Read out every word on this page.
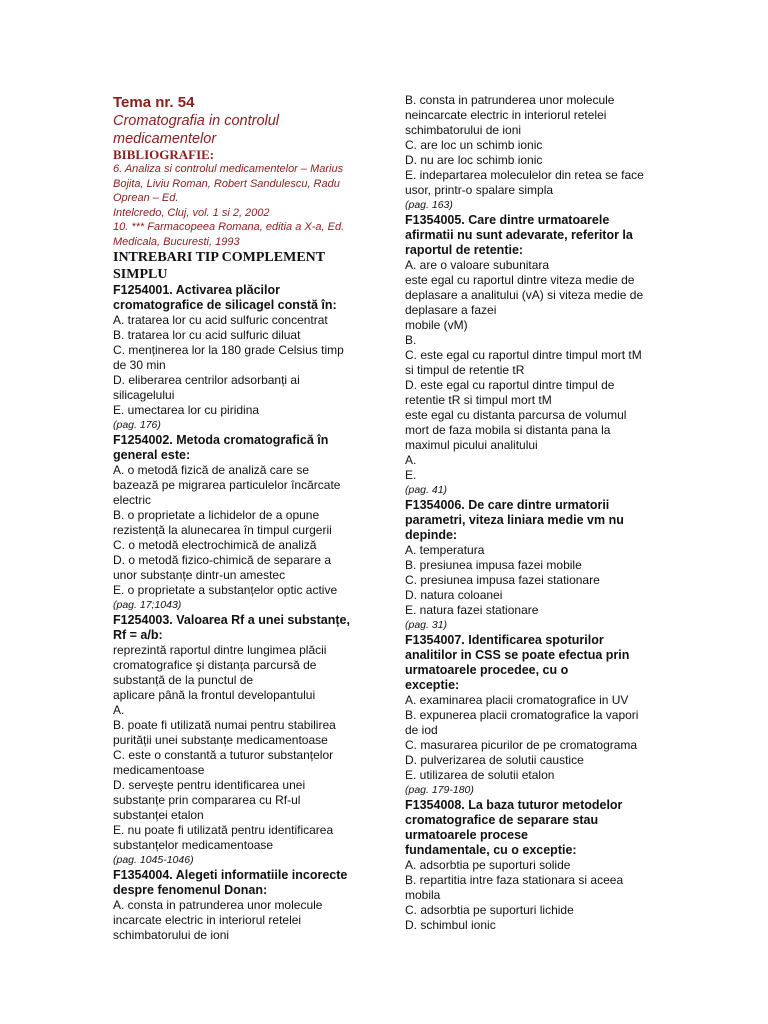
Tema nr. 54
Cromatografia in controlul
medicamentelor
BIBLIOGRAFIE:
6. Analiza si controlul medicamentelor – Marius
Bojita, Liviu Roman, Robert Sandulescu, Radu
Oprean – Ed.
Intelcredo, Cluj, vol. 1 si 2, 2002
10. *** Farmacopeea Romana, editia a X-a, Ed.
Medicala, Bucuresti, 1993
INTREBARI TIP COMPLEMENT
SIMPLU
F1254001. Activarea plăcilor
cromatografice de silicagel constă în:
A. tratarea lor cu acid sulfuric concentrat
B. tratarea lor cu acid sulfuric diluat
C. menținerea lor la 180 grade Celsius timp
de 30 min
D. eliberarea centrilor adsorbanți ai
silicagelului
E. umectarea lor cu piridina
(pag. 176)
F1254002. Metoda cromatografică în
general este:
A. o metodă fizică de analiză care se
bazează pe migrarea particulelor încărcate
electric
B. o proprietate a lichidelor de a opune
rezistență la alunecarea în timpul curgerii
C. o metodă electrochimică de analiză
D. o metodă fizico-chimică de separare a
unor substanțe dintr-un amestec
E. o proprietate a substanțelor optic active
(pag. 17;1043)
F1254003. Valoarea Rf a unei substanțe,
Rf = a/b:
reprezintă raportul dintre lungimea plăcii
cromatografice şi distanța parcursă de
substanță de la punctul de
aplicare până la frontul developantului
A.
B. poate fi utilizată numai pentru stabilirea
purității unei substanțe medicamentoase
C. este o constantă a tuturor substanțelor
medicamentoase
D. serveşte pentru identificarea unei
substanțe prin compararea cu Rf-ul
substanței etalon
E. nu poate fi utilizată pentru identificarea
substanțelor medicamentoase
(pag. 1045-1046)
F1354004. Alegeti informatiile incorecte
despre fenomenul Donan:
A. consta in patrunderea unor molecule
incarcate electric in interiorul retelei
schimbatorului de ioni
B. consta in patrunderea unor molecule
neincarcate electric in interiorul retelei
schimbatorului de ioni
C. are loc un schimb ionic
D. nu are loc schimb ionic
E. indepartarea moleculelor din retea se face
usor, printr-o spalare simpla
(pag. 163)
F1354005. Care dintre urmatoarele
afirmatii nu sunt adevarate, referitor la
raportul de retentie:
A. are o valoare subunitara
este egal cu raportul dintre viteza medie de
deplasare a analitului (vA) si viteza medie de
deplasare a fazei
mobile (vM)
B.
C. este egal cu raportul dintre timpul mort tM
si timpul de retentie tR
D. este egal cu raportul dintre timpul de
retentie tR si timpul mort tM
este egal cu distanta parcursa de volumul
mort de faza mobila si distanta pana la
maximul picului analitului
A.
E.
(pag. 41)
F1354006. De care dintre urmatorii
parametri, viteza liniara medie vm nu
depinde:
A. temperatura
B. presiunea impusa fazei mobile
C. presiunea impusa fazei stationare
D. natura coloanei
E. natura fazei stationare
(pag. 31)
F1354007. Identificarea spoturilor
analitilor in CSS se poate efectua prin
urmatoarele procedee, cu o
exceptie:
A. examinarea placii cromatografice in UV
B. expunerea placii cromatografice la vapori
de iod
C. masurarea picurilor de pe cromatograma
D. pulverizarea de solutii caustice
E. utilizarea de solutii etalon
(pag. 179-180)
F1354008. La baza tuturor metodelor
cromatografice de separare stau
urmatoarele procese
fundamentale, cu o exceptie:
A. adsorbtia pe suporturi solide
B. repartitia intre faza stationara si aceea
mobila
C. adsorbtia pe suporturi lichide
D. schimbul ionic
